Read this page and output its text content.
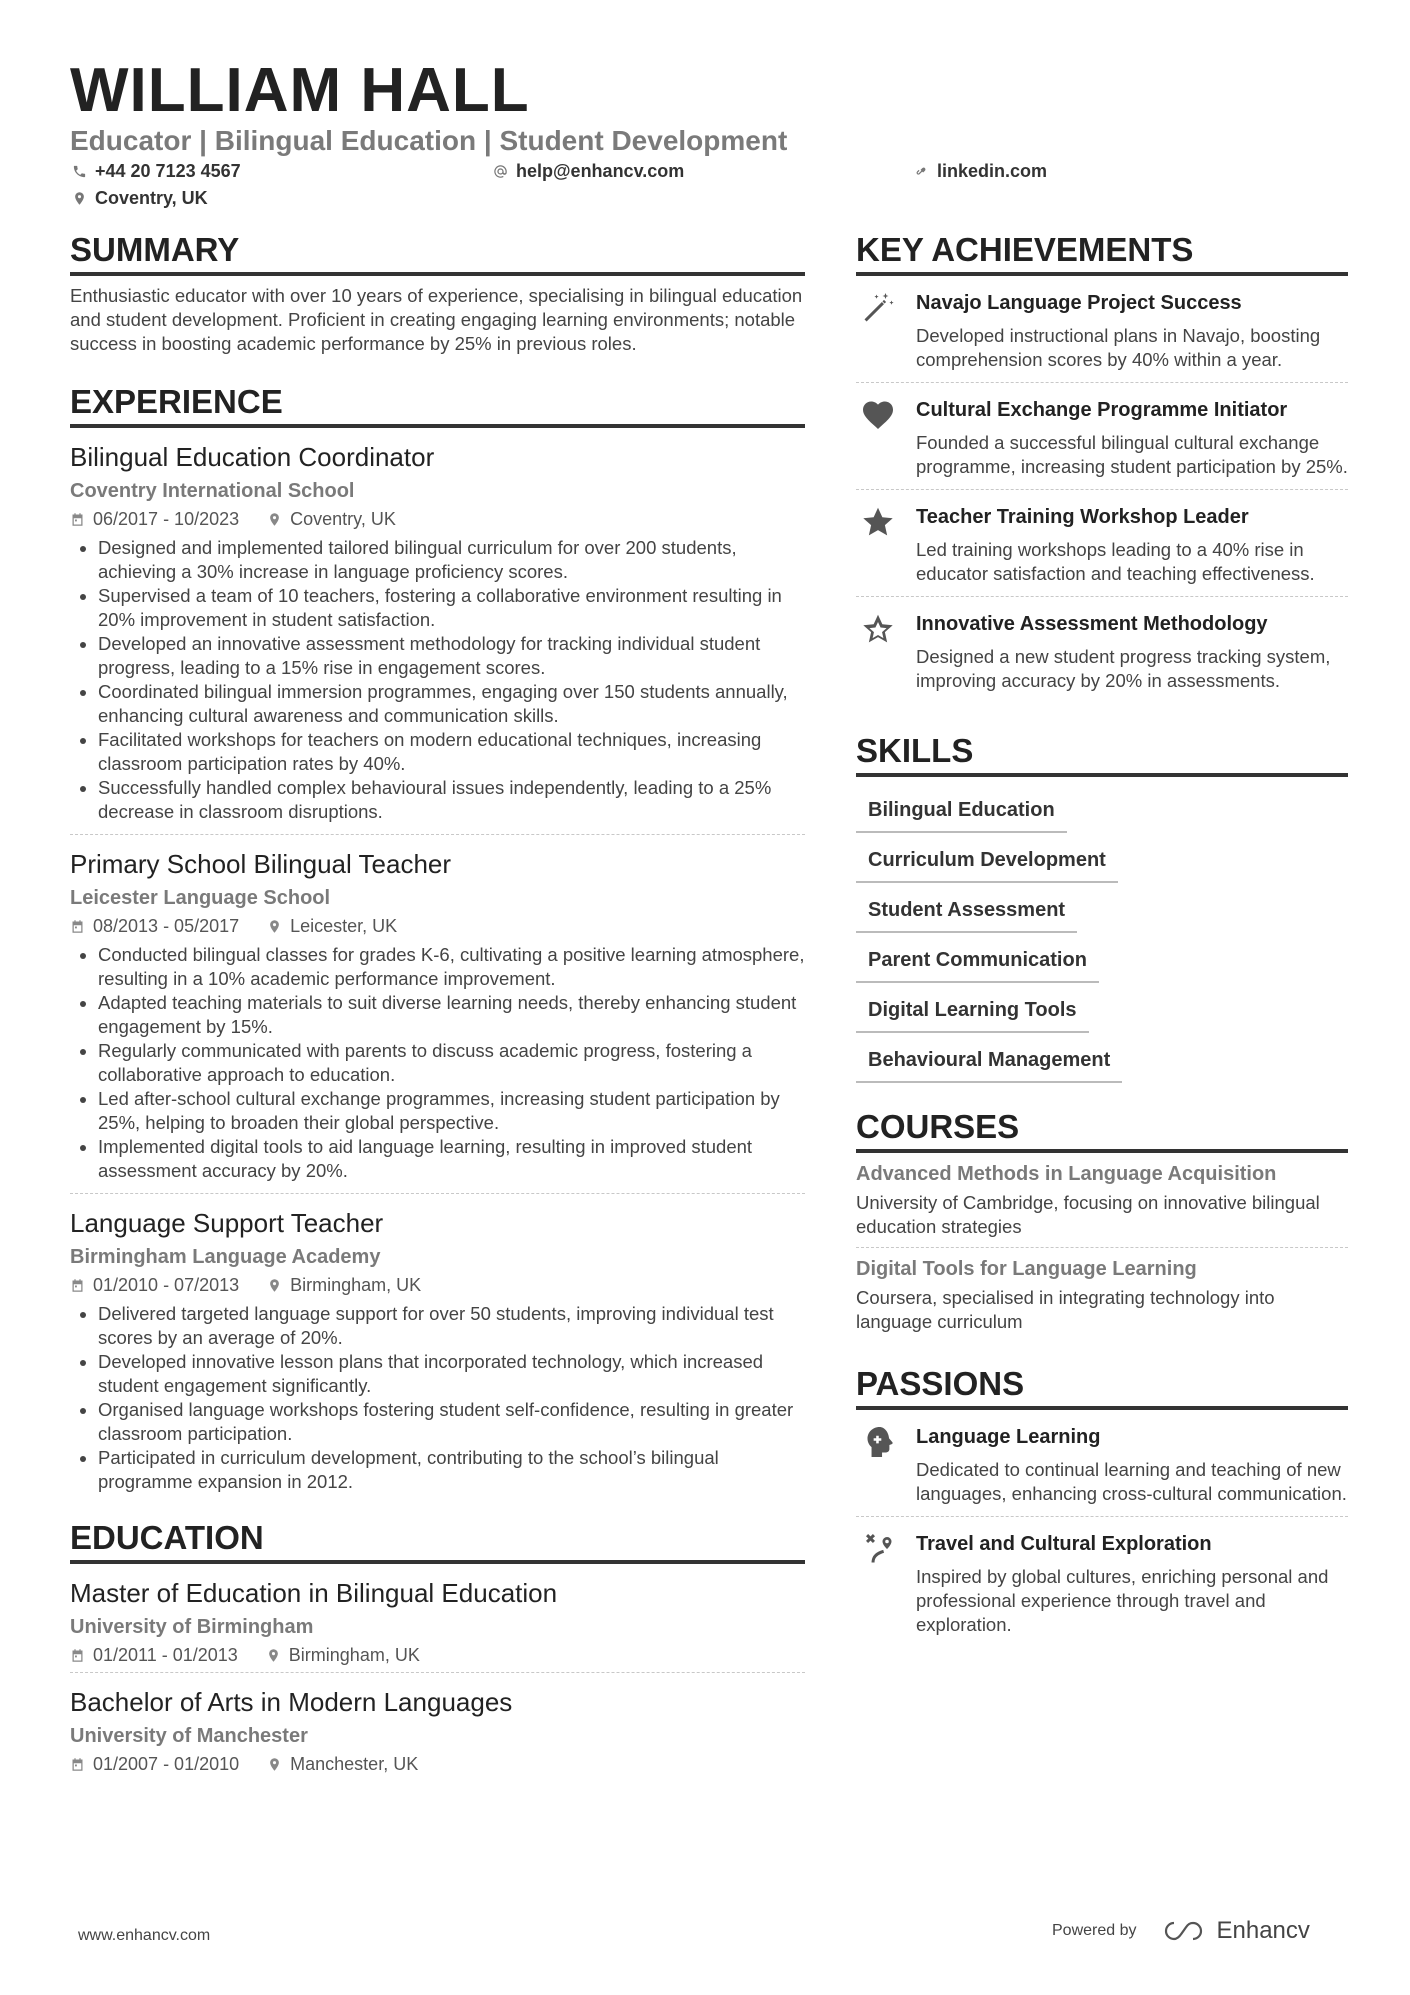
WILLIAM HALL

Educator | Bilingual Education | Student Development

+44 20 7123 4567	help@enhancv.com	linkedin.com
Coventry, UK
SUMMARY

Enthusiastic educator with over 10 years of experience, specialising in bilingual education and student development. Proficient in creating engaging learning environments; notable success in boosting academic performance by 25% in previous roles.

EXPERIENCE

Bilingual Education Coordinator

Coventry International School

06/2017 - 10/2023	Coventry, UK
• Designed and implemented tailored bilingual curriculum for over 200 students, achieving a 30% increase in language proficiency scores.
• Supervised a team of 10 teachers, fostering a collaborative environment resulting in 20% improvement in student satisfaction.
• Developed an innovative assessment methodology for tracking individual student progress, leading to a 15% rise in engagement scores.
• Coordinated bilingual immersion programmes, engaging over 150 students annually, enhancing cultural awareness and communication skills.
• Facilitated workshops for teachers on modern educational techniques, increasing classroom participation rates by 40%.
• Successfully handled complex behavioural issues independently, leading to a 25% decrease in classroom disruptions.

Primary School Bilingual Teacher

Leicester Language School

08/2013 - 05/2017	Leicester, UK
• Conducted bilingual classes for grades K-6, cultivating a positive learning atmosphere, resulting in a 10% academic performance improvement.
• Adapted teaching materials to suit diverse learning needs, thereby enhancing student engagement by 15%.
• Regularly communicated with parents to discuss academic progress, fostering a collaborative approach to education.
• Led after-school cultural exchange programmes, increasing student participation by 25%, helping to broaden their global perspective.
• Implemented digital tools to aid language learning, resulting in improved student assessment accuracy by 20%.

Language Support Teacher

Birmingham Language Academy

01/2010 - 07/2013	Birmingham, UK
• Delivered targeted language support for over 50 students, improving individual test scores by an average of 20%.
• Developed innovative lesson plans that incorporated technology, which increased student engagement significantly.
• Organised language workshops fostering student self-confidence, resulting in greater classroom participation.
• Participated in curriculum development, contributing to the school’s bilingual programme expansion in 2012.
EDUCATION

Master of Education in Bilingual Education

University of Birmingham

01/2011 - 01/2013	Birmingham, UK

Bachelor of Arts in Modern Languages

University of Manchester

01/2007 - 01/2010	Manchester, UK
KEY ACHIEVEMENTS

Navajo Language Project Success

Developed instructional plans in Navajo, boosting comprehension scores by 40% within a year.

Cultural Exchange Programme Initiator

Founded a successful bilingual cultural exchange programme, increasing student participation by 25%.

Teacher Training Workshop Leader

Led training workshops leading to a 40% rise in educator satisfaction and teaching effectiveness.

Innovative Assessment Methodology

Designed a new student progress tracking system, improving accuracy by 20% in assessments.

SKILLS
Bilingual Education
Curriculum Development
Student Assessment
Parent Communication
Digital Learning Tools
Behavioural Management
COURSES

Advanced Methods in Language Acquisition

University of Cambridge, focusing on innovative bilingual education strategies

Digital Tools for Language Learning

Coursera, specialised in integrating technology into language curriculum

PASSIONS

Language Learning

Dedicated to continual learning and teaching of new languages, enhancing cross-cultural communication.

Travel and Cultural Exploration

Inspired by global cultures, enriching personal and professional experience through travel and exploration.

www.enhancv.com	Powered by	Enhancv
